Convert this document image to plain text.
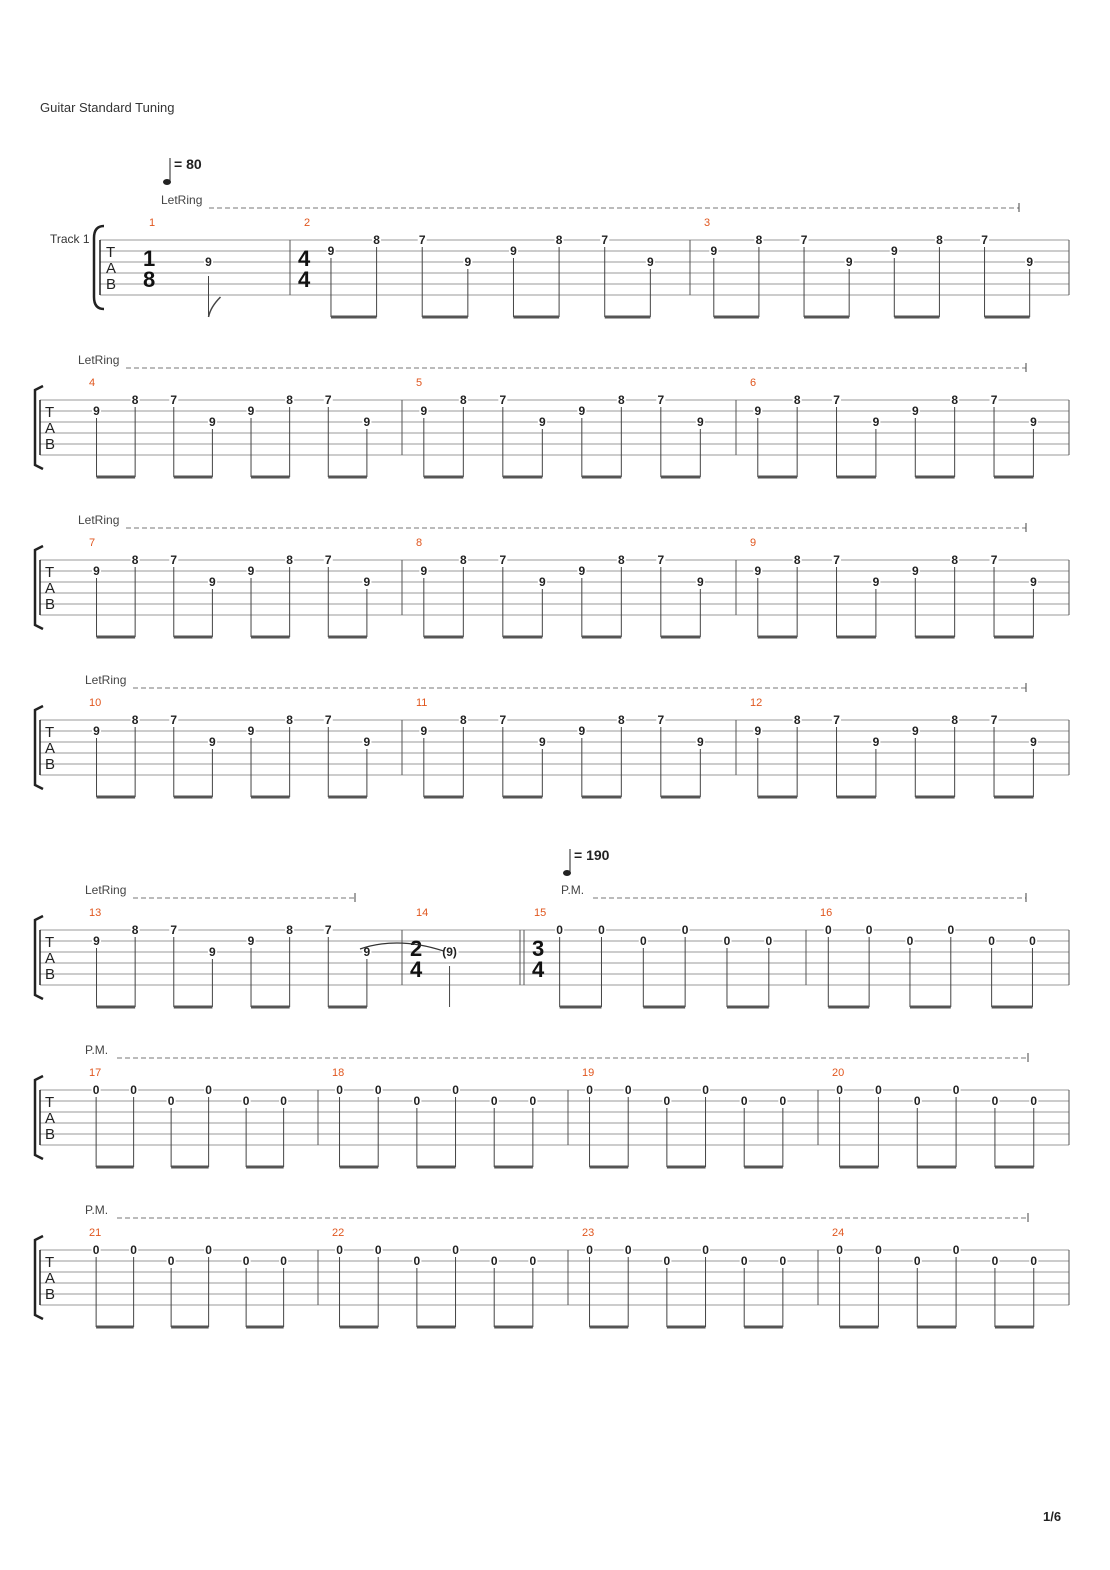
Guitar Standard Tuning
Track 1
T
A
B
LetRing
1
1
8
9
= 80
2
4
4
9
8	7
9
9
8	7
9
3
9
8	7
9
9
8	7
9
T
A
B
LetRing
4
9
8	7
9
9
8	7
9
5
9
8	7
9
9
8	7
9
6
9
8	7
9
9
8	7
9
T
A
B
LetRing
7
9
8	7
9
9
8	7
9
8
9
8	7
9
9
8	7
9
9
9
8	7
9
9
8	7
9
T
A
B
LetRing
10
9
8	7
9
9
8	7
9
11
9
8	7
9
9
8	7
9
12
9
8	7
9
9
8	7
9
T
A
B
LetRing	P.M.
13
9
8	7
9
9
8	7
9
14
2
4
(9)
15
3
4
0	0
0
0
0	0
= 190
16
0	0
0
0
0	0
T
A
B
P.M.
17
0	0
0
0
0	0
18
0	0
0
0
0	0
19
0	0
0
0
0	0
20
0	0
0
0
0	0
T
A
B
P.M.
21
0	0
0
0
0	0
22
0	0
0
0
0	0
23
0	0
0
0
0	0
24
0	0
0
0
0	0
1/6
